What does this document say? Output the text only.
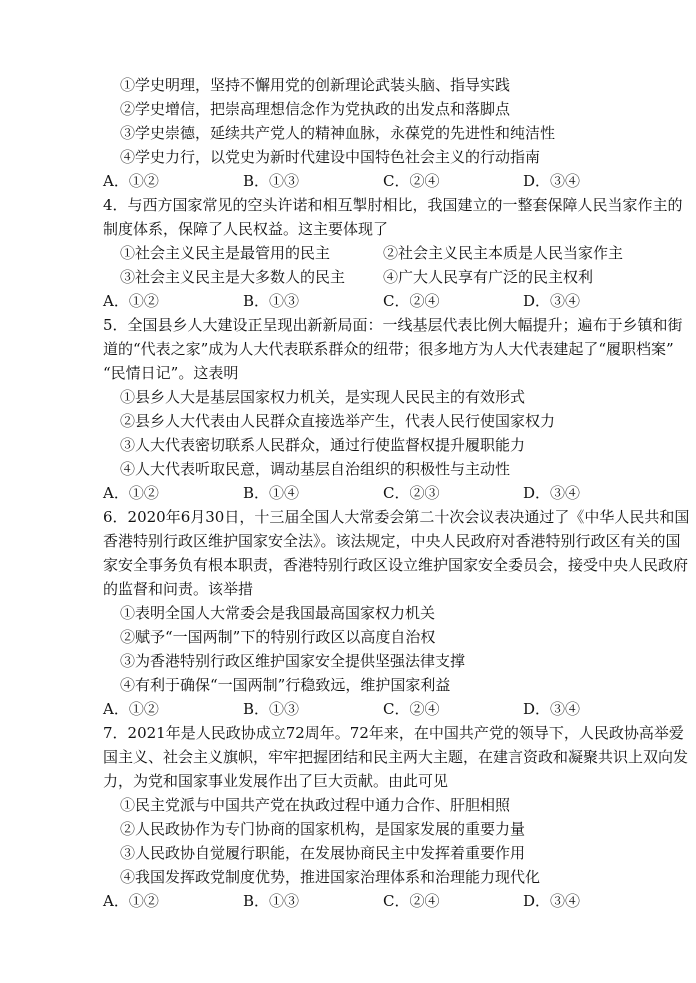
①学史明理，坚持不懈用党的创新理论武装头脑、指导实践
②学史增信，把崇高理想信念作为党执政的出发点和落脚点
③学史崇德，延续共产党人的精神血脉，永葆党的先进性和纯洁性
④学史力行，以党史为新时代建设中国特色社会主义的行动指南
A．①②	B．①③	C．②④	D．③④
4．与西方国家常见的空头许诺和相互掣肘相比，我国建立的一整套保障人民当家作主的
制度体系，保障了人民权益。这主要体现了
①社会主义民主是最管用的民主	②社会主义民主本质是人民当家作主
③社会主义民主是大多数人的民主	④广大人民享有广泛的民主权利
A．①②	B．①③	C．②④	D．③④
5．全国县乡人大建设正呈现出新新局面：一线基层代表比例大幅提升；遍布于乡镇和街
道的“代表之家”成为人大代表联系群众的纽带；很多地方为人大代表建起了“履职档案”
“民情日记”。这表明
①县乡人大是基层国家权力机关，是实现人民民主的有效形式
②县乡人大代表由人民群众直接选举产生，代表人民行使国家权力
③人大代表密切联系人民群众，通过行使监督权提升履职能力
④人大代表听取民意，调动基层自治组织的积极性与主动性
A．①②	B．①④	C．②③	D．③④
6．2020年6月30日，十三届全国人大常委会第二十次会议表决通过了《中华人民共和国
香港特别行政区维护国家安全法》。该法规定，中央人民政府对香港特别行政区有关的国
家安全事务负有根本职责，香港特别行政区设立维护国家安全委员会，接受中央人民政府
的监督和问责。该举措
①表明全国人大常委会是我国最高国家权力机关
②赋予“一国两制”下的特别行政区以高度自治权
③为香港特别行政区维护国家安全提供坚强法律支撑
④有利于确保“一国两制”行稳致远，维护国家利益
A．①②	B．①③	C．②④	D．③④
7．2021年是人民政协成立72周年。72年来，在中国共产党的领导下，人民政协高举爱
国主义、社会主义旗帜，牢牢把握团结和民主两大主题，在建言资政和凝聚共识上双向发
力，为党和国家事业发展作出了巨大贡献。由此可见
①民主党派与中国共产党在执政过程中通力合作、肝胆相照
②人民政协作为专门协商的国家机构，是国家发展的重要力量
③人民政协自觉履行职能，在发展协商民主中发挥着重要作用
④我国发挥政党制度优势，推进国家治理体系和治理能力现代化
A．①②	B．①③	C．②④	D．③④
